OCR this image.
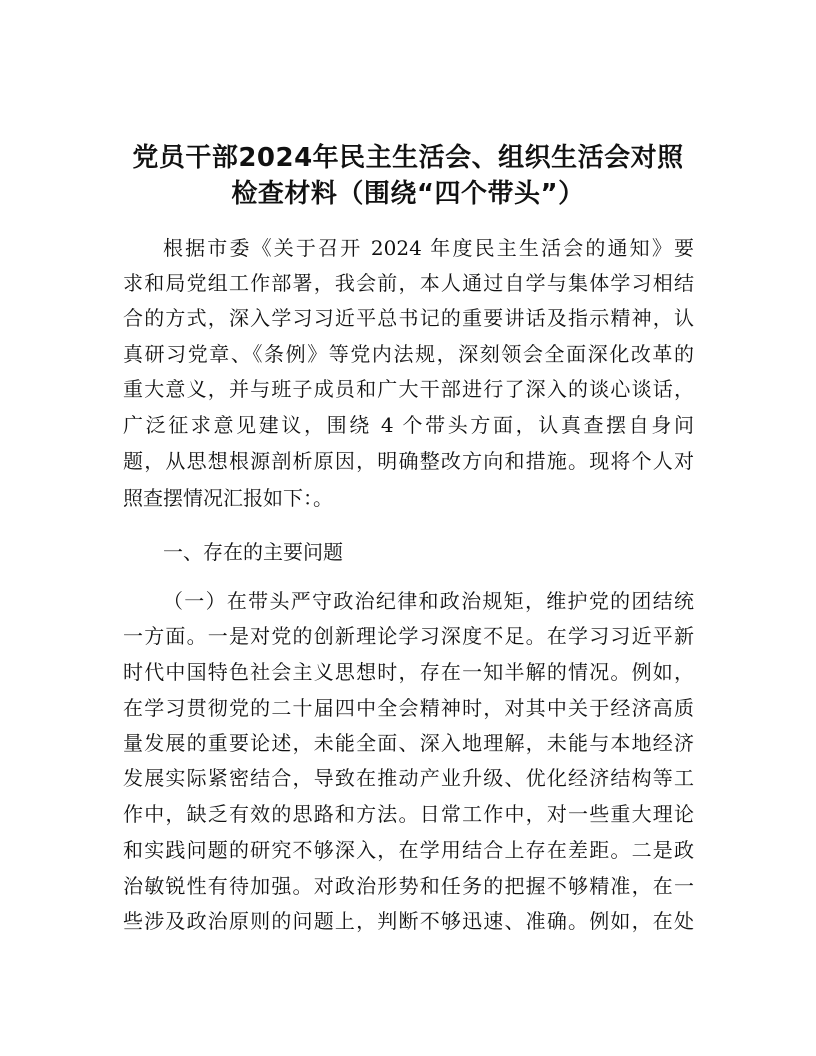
党员干部2024年民主生活会、组织生活会对照
检查材料（围绕“四个带头”）
根据市委《关于召开 2024 年度民主生活会的通知》要
求和局党组工作部署，我会前，本人通过自学与集体学习相结
合的方式，深入学习习近平总书记的重要讲话及指示精神，认
真研习党章、《条例》等党内法规，深刻领会全面深化改革的
重大意义，并与班子成员和广大干部进行了深入的谈心谈话，
广泛征求意见建议，围绕 4 个带头方面，认真查摆自身问
题，从思想根源剖析原因，明确整改方向和措施。现将个人对
照查摆情况汇报如下：。
一、存在的主要问题
（一）在带头严守政治纪律和政治规矩，维护党的团结统
一方面。一是对党的创新理论学习深度不足。在学习习近平新
时代中国特色社会主义思想时，存在一知半解的情况。例如，
在学习贯彻党的二十届四中全会精神时，对其中关于经济高质
量发展的重要论述，未能全面、深入地理解，未能与本地经济
发展实际紧密结合，导致在推动产业升级、优化经济结构等工
作中，缺乏有效的思路和方法。日常工作中，对一些重大理论
和实践问题的研究不够深入，在学用结合上存在差距。二是政
治敏锐性有待加强。对政治形势和任务的把握不够精准，在一
些涉及政治原则的问题上，判断不够迅速、准确。例如，在处
